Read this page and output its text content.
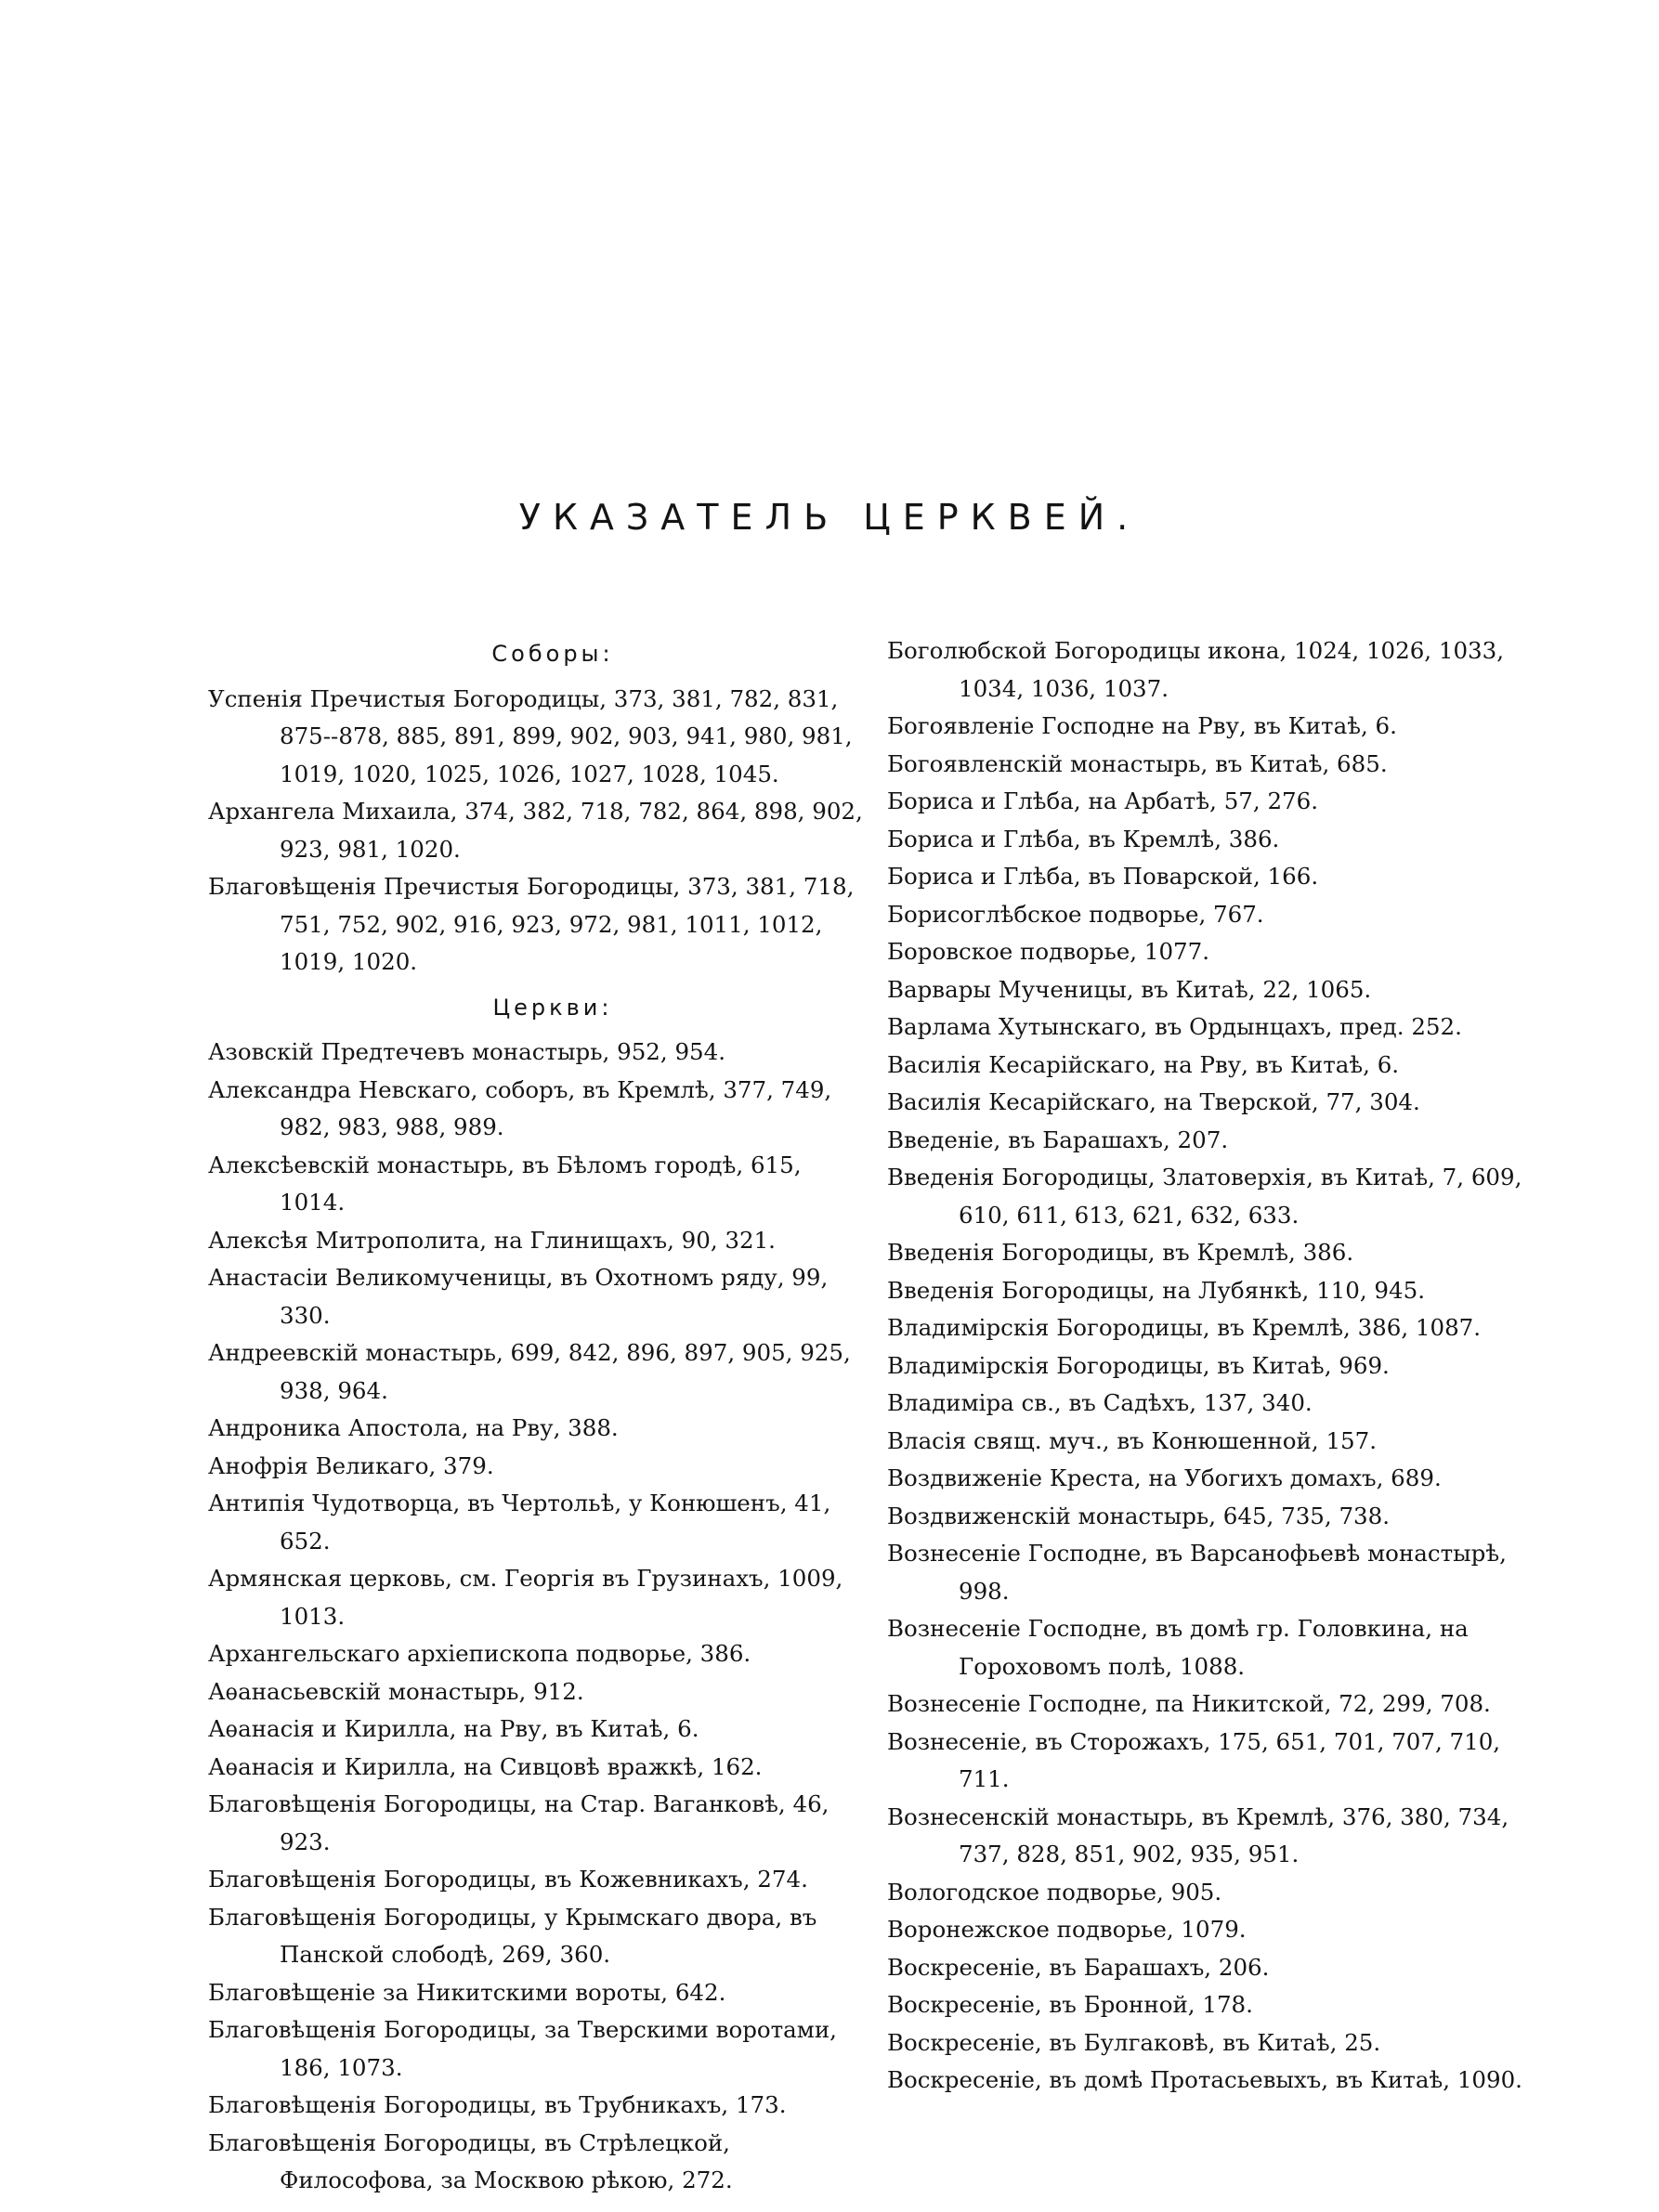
УКАЗАТЕЛЬ ЦЕРКВЕЙ.
Соборы:
Успенія Пречистыя Богородицы, 373, 381, 782, 831, 875--878, 885, 891, 899, 902, 903, 941, 980, 981, 1019, 1020, 1025, 1026, 1027, 1028, 1045.
Архангела Михаила, 374, 382, 718, 782, 864, 898, 902, 923, 981, 1020.
Благовѣщенія Пречистыя Богородицы, 373, 381, 718, 751, 752, 902, 916, 923, 972, 981, 1011, 1012, 1019, 1020.
Церкви:
Азовскій Предтечевъ монастырь, 952, 954.
Александра Невскаго, соборъ, въ Кремлѣ, 377, 749, 982, 983, 988, 989.
Алексѣевскій монастырь, въ Бѣломъ городѣ, 615, 1014.
Алексѣя Митрополита, на Глинищахъ, 90, 321.
Анастасіи Великомученицы, въ Охотномъ ряду, 99, 330.
Андреевскій монастырь, 699, 842, 896, 897, 905, 925, 938, 964.
Андроника Апостола, на Рву, 388.
Анофрія Великаго, 379.
Антипія Чудотворца, въ Чертольѣ, у Конюшенъ, 41, 652.
Армянская церковь, см. Георгія въ Грузинахъ, 1009, 1013.
Архангельскаго архіепископа подворье, 386.
Аѳанасьевскій монастырь, 912.
Аѳанасія и Кирилла, на Рву, въ Китаѣ, 6.
Аѳанасія и Кирилла, на Сивцовѣ вражкѣ, 162.
Благовѣщенія Богородицы, на Стар. Ваганковѣ, 46, 923.
Благовѣщенія Богородицы, въ Кожевникахъ, 274.
Благовѣщенія Богородицы, у Крымскаго двора, въ Панской слободѣ, 269, 360.
Благовѣщеніе за Никитскими вороты, 642.
Благовѣщенія Богородицы, за Тверскими воротами, 186, 1073.
Благовѣщенія Богородицы, въ Трубникахъ, 173.
Благовѣщенія Богородицы, въ Стрѣлецкой, Философова, за Москвою рѣкою, 272.
Боголюбской Богородицы икона, 1024, 1026, 1033, 1034, 1036, 1037.
Богоявленіе Господне на Рву, въ Китаѣ, 6.
Богоявленскій монастырь, въ Китаѣ, 685.
Бориса и Глѣба, на Арбатѣ, 57, 276.
Бориса и Глѣба, въ Кремлѣ, 386.
Бориса и Глѣба, въ Поварской, 166.
Борисоглѣбское подворье, 767.
Боровское подворье, 1077.
Варвары Мученицы, въ Китаѣ, 22, 1065.
Варлама Хутынскаго, въ Ордынцахъ, пред. 252.
Василія Кесарійскаго, на Рву, въ Китаѣ, 6.
Василія Кесарійскаго, на Тверской, 77, 304.
Введеніе, въ Барашахъ, 207.
Введенія Богородицы, Златоверхія, въ Китаѣ, 7, 609, 610, 611, 613, 621, 632, 633.
Введенія Богородицы, въ Кремлѣ, 386.
Введенія Богородицы, на Лубянкѣ, 110, 945.
Владимірскія Богородицы, въ Кремлѣ, 386, 1087.
Владимірскія Богородицы, въ Китаѣ, 969.
Владиміра св., въ Садѣхъ, 137, 340.
Власія свящ. муч., въ Конюшенной, 157.
Воздвиженіе Креста, на Убогихъ домахъ, 689.
Воздвиженскій монастырь, 645, 735, 738.
Вознесеніе Господне, въ Варсанофьевѣ монастырѣ, 998.
Вознесеніе Господне, въ домѣ гр. Головкина, на Гороховомъ полѣ, 1088.
Вознесеніе Господне, па Никитской, 72, 299, 708.
Вознесеніе, въ Сторожахъ, 175, 651, 701, 707, 710, 711.
Вознесенскій монастырь, въ Кремлѣ, 376, 380, 734, 737, 828, 851, 902, 935, 951.
Вологодское подворье, 905.
Воронежское подворье, 1079.
Воскресеніе, въ Барашахъ, 206.
Воскресеніе, въ Бронной, 178.
Воскресеніе, въ Булгаковѣ, въ Китаѣ, 25.
Воскресеніе, въ домѣ Протасьевыхъ, въ Китаѣ, 1090.
